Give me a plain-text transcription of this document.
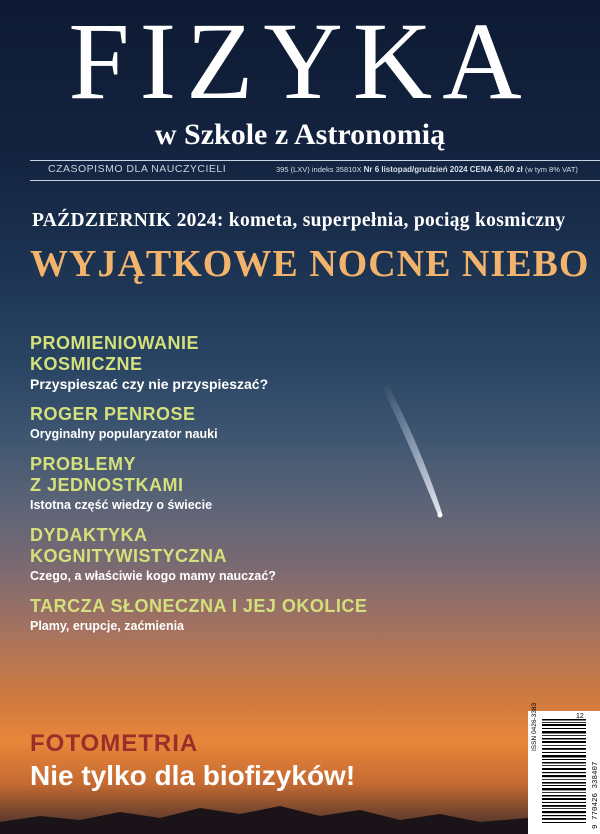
FIZYKA
w Szkole z Astronomią
CZASOPISMO DLA NAUCZYCIELI	395 (LXV) indeks 35810X Nr 6 listopad/grudzień 2024 CENA 45,00 zł (w tym 8% VAT)
PAŹDZIERNIK 2024: kometa, superpełnia, pociąg kosmiczny
WYJĄTKOWE NOCNE NIEBO
PROMIENIOWANIE
KOSMICZNE
Przyspieszać czy nie przyspieszać?
ROGER PENROSE
Oryginalny popularyzator nauki
PROBLEMY
Z JEDNOSTKAMI
Istotna część wiedzy o świecie
DYDAKTYKA
KOGNITYWISTYCZNA
Czego, a właściwie kogo mamy nauczać?
TARCZA SŁONECZNA I JEJ OKOLICE
Plamy, erupcje, zaćmienia
FOTOMETRIA
Nie tylko dla biofizyków!
12
ISSN 0426-3383
9 770426 338407
